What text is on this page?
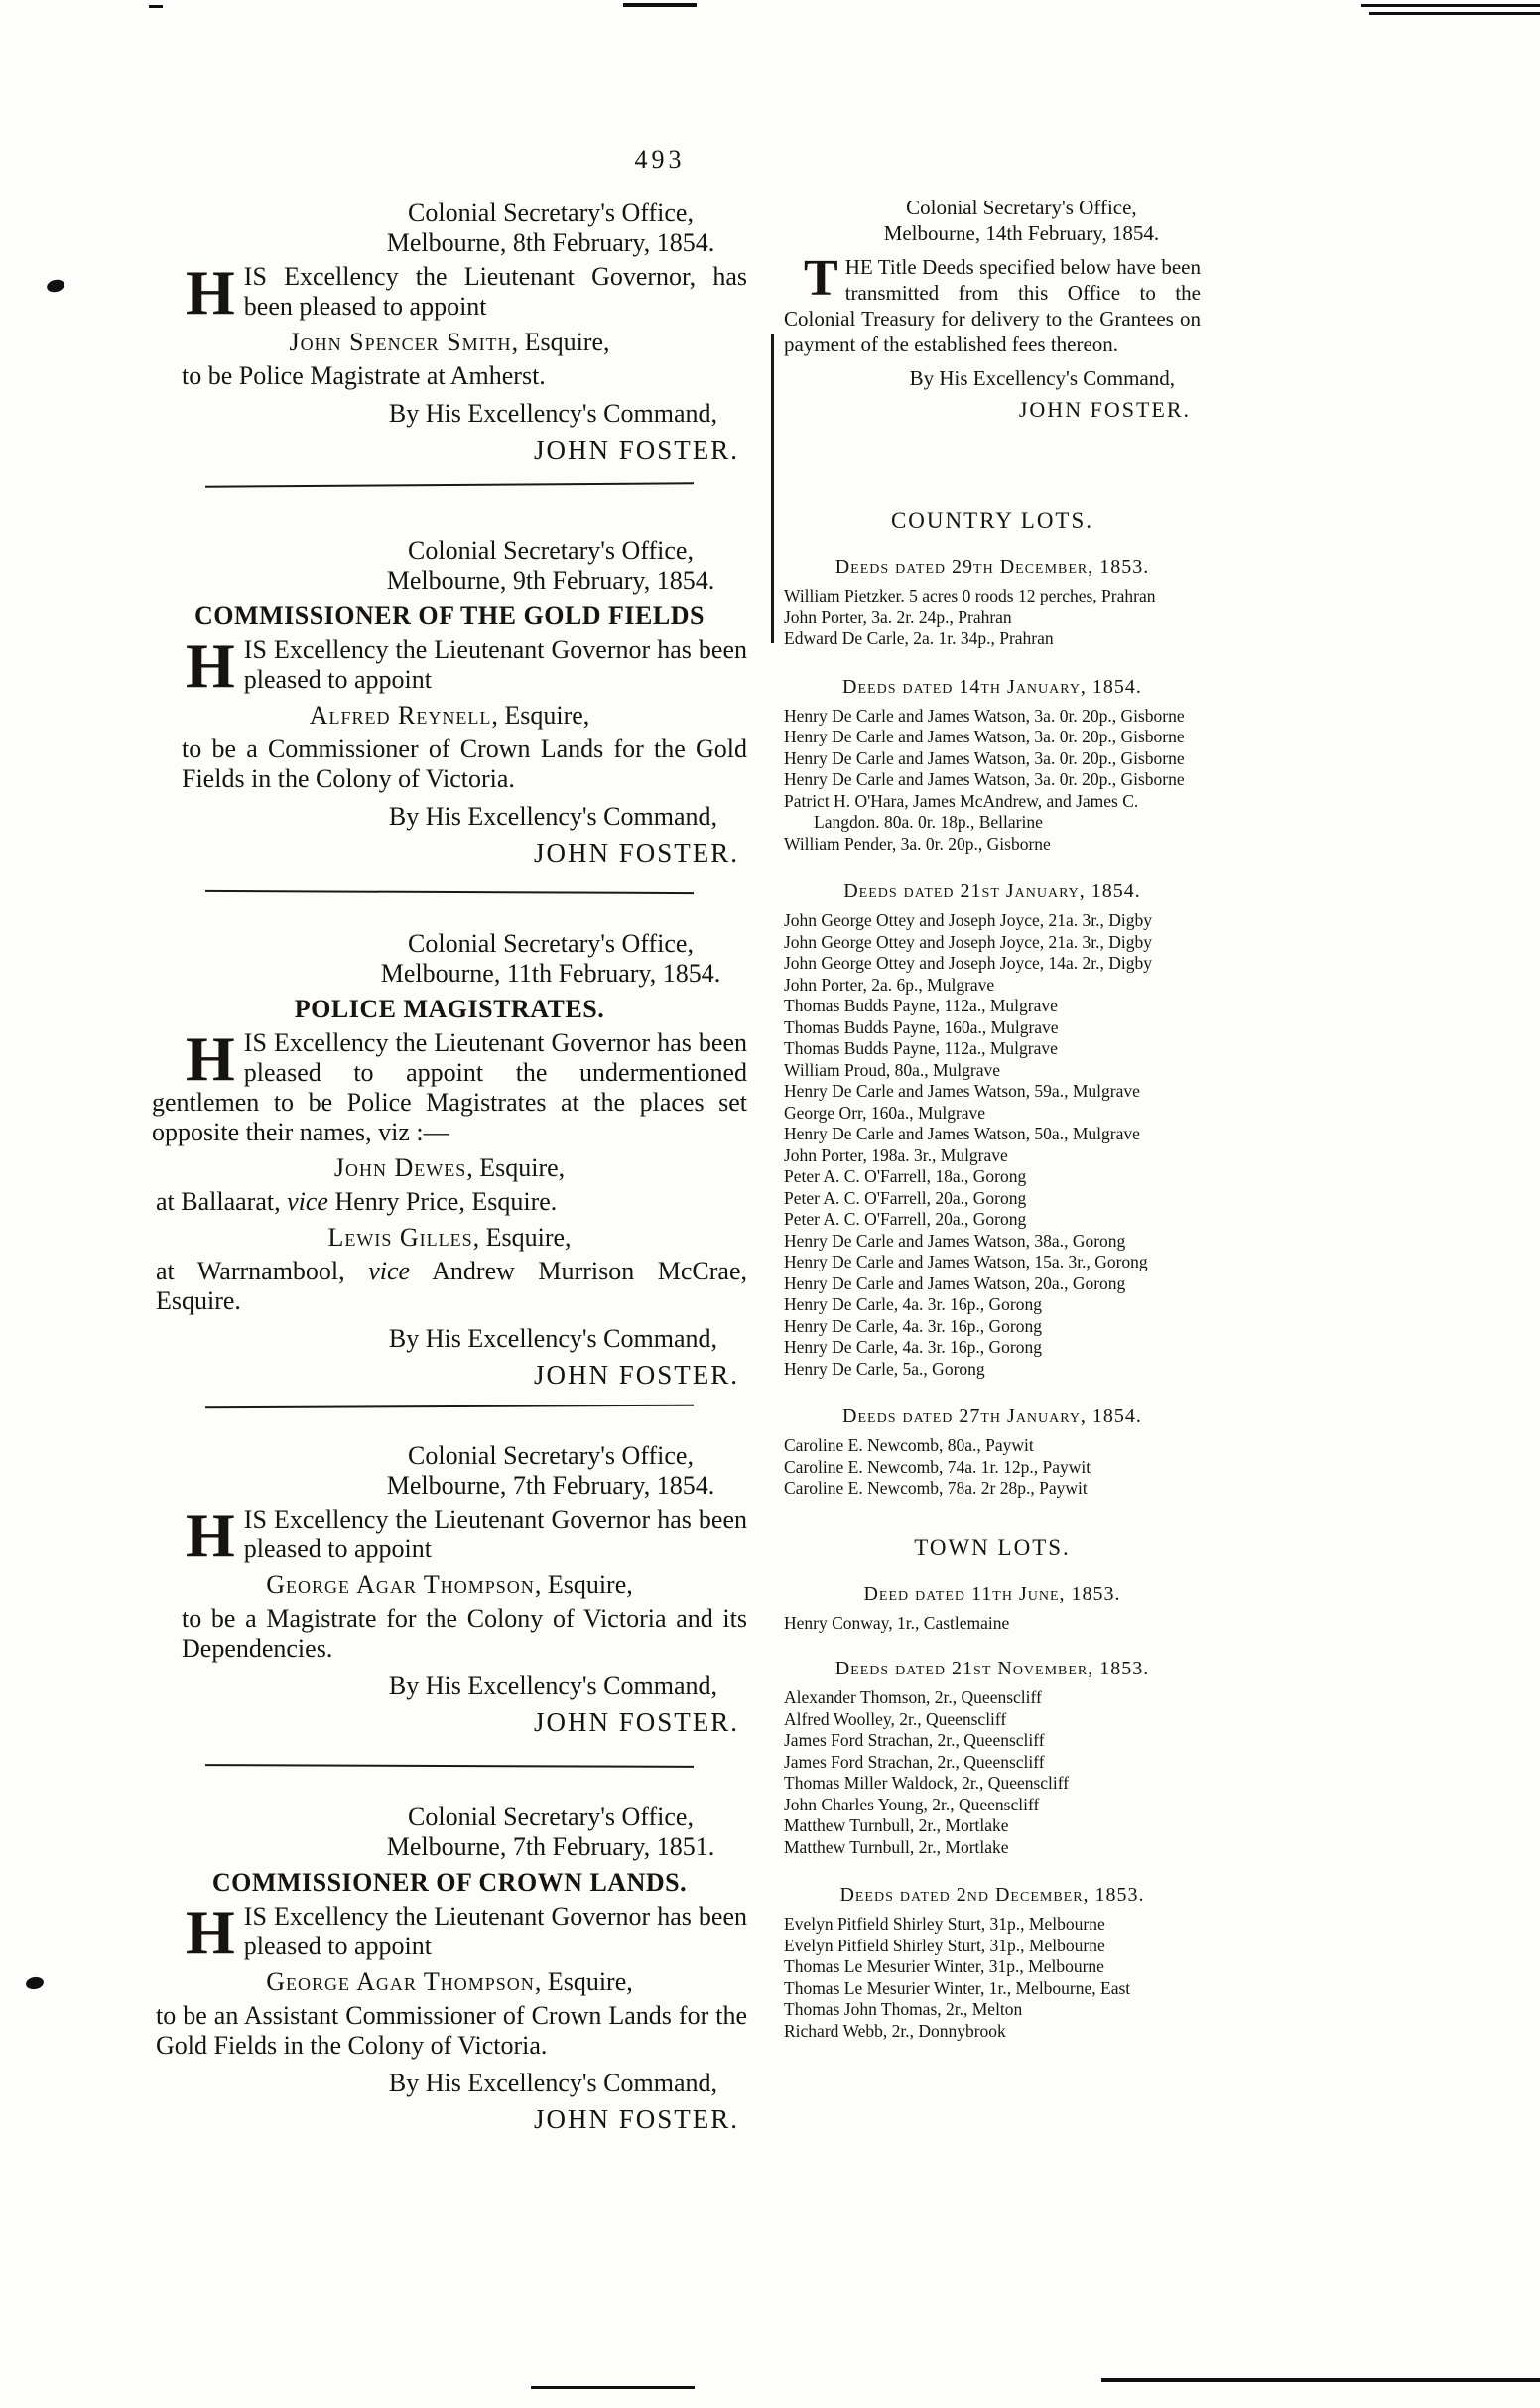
493
Colonial Secretary's Office,
Melbourne, 8th February, 1854.

HIS Excellency the Lieutenant Governor, has been pleased to appoint

John Spencer Smith, Esquire,

to be Police Magistrate at Amherst.

By His Excellency's Command,
JOHN FOSTER.
Colonial Secretary's Office,
Melbourne, 9th February, 1854.
COMMISSIONER OF THE GOLD FIELDS

HIS Excellency the Lieutenant Governor has been pleased to appoint

Alfred Reynell, Esquire,

to be a Commissioner of Crown Lands for the Gold Fields in the Colony of Victoria.

By His Excellency's Command,
JOHN FOSTER.
Colonial Secretary's Office,
Melbourne, 11th February, 1854.
POLICE MAGISTRATES.

HIS Excellency the Lieutenant Governor has been pleased to appoint the undermentioned gentlemen to be Police Magistrates at the places set opposite their names, viz :—

John Dewes, Esquire,

at Ballaarat, vice Henry Price, Esquire.

Lewis Gilles, Esquire,

at Warrnambool, vice Andrew Murrison McCrae, Esquire.

By His Excellency's Command,
JOHN FOSTER.
Colonial Secretary's Office,
Melbourne, 7th February, 1854.

HIS Excellency the Lieutenant Governor has been pleased to appoint

George Agar Thompson, Esquire,

to be a Magistrate for the Colony of Victoria and its Dependencies.

By His Excellency's Command,
JOHN FOSTER.
Colonial Secretary's Office,
Melbourne, 7th February, 1851.
COMMISSIONER OF CROWN LANDS.

HIS Excellency the Lieutenant Governor has been pleased to appoint

George Agar Thompson, Esquire,

to be an Assistant Commissioner of Crown Lands for the Gold Fields in the Colony of Victoria.

By His Excellency's Command,
JOHN FOSTER.
Colonial Secretary's Office,
Melbourne, 14th February, 1854.

THE Title Deeds specified below have been transmitted from this Office to the Colonial Treasury for delivery to the Grantees on payment of the established fees thereon.

By His Excellency's Command,
JOHN FOSTER.
COUNTRY LOTS.
Deeds dated 29th December, 1853.
William Pietzker. 5 acres 0 roods 12 perches, Prahran
John Porter, 3a. 2r. 24p., Prahran
Edward De Carle, 2a. 1r. 34p., Prahran
Deeds dated 14th January, 1854.
Henry De Carle and James Watson, 3a. 0r. 20p., Gisborne
Henry De Carle and James Watson, 3a. 0r. 20p., Gisborne
Henry De Carle and James Watson, 3a. 0r. 20p., Gisborne
Henry De Carle and James Watson, 3a. 0r. 20p., Gisborne
Patrict H. O'Hara, James McAndrew, and James C. Langdon. 80a. 0r. 18p., Bellarine
William Pender, 3a. 0r. 20p., Gisborne
Deeds dated 21st January, 1854.
John George Ottey and Joseph Joyce, 21a. 3r., Digby
John George Ottey and Joseph Joyce, 21a. 3r., Digby
John George Ottey and Joseph Joyce, 14a. 2r., Digby
John Porter, 2a. 6p., Mulgrave
Thomas Budds Payne, 112a., Mulgrave
Thomas Budds Payne, 160a., Mulgrave
Thomas Budds Payne, 112a., Mulgrave
William Proud, 80a., Mulgrave
Henry De Carle and James Watson, 59a., Mulgrave
George Orr, 160a., Mulgrave
Henry De Carle and James Watson, 50a., Mulgrave
John Porter, 198a. 3r., Mulgrave
Peter A. C. O'Farrell, 18a., Gorong
Peter A. C. O'Farrell, 20a., Gorong
Peter A. C. O'Farrell, 20a., Gorong
Henry De Carle and James Watson, 38a., Gorong
Henry De Carle and James Watson, 15a. 3r., Gorong
Henry De Carle and James Watson, 20a., Gorong
Henry De Carle, 4a. 3r. 16p., Gorong
Henry De Carle, 4a. 3r. 16p., Gorong
Henry De Carle, 4a. 3r. 16p., Gorong
Henry De Carle, 5a., Gorong
Deeds dated 27th January, 1854.
Caroline E. Newcomb, 80a., Paywit
Caroline E. Newcomb, 74a. 1r. 12p., Paywit
Caroline E. Newcomb, 78a. 2r 28p., Paywit
TOWN LOTS.
Deed dated 11th June, 1853.
Henry Conway, 1r., Castlemaine
Deeds dated 21st November, 1853.
Alexander Thomson, 2r., Queenscliff
Alfred Woolley, 2r., Queenscliff
James Ford Strachan, 2r., Queenscliff
James Ford Strachan, 2r., Queenscliff
Thomas Miller Waldock, 2r., Queenscliff
John Charles Young, 2r., Queenscliff
Matthew Turnbull, 2r., Mortlake
Matthew Turnbull, 2r., Mortlake
Deeds dated 2nd December, 1853.
Evelyn Pitfield Shirley Sturt, 31p., Melbourne
Evelyn Pitfield Shirley Sturt, 31p., Melbourne
Thomas Le Mesurier Winter, 31p., Melbourne
Thomas Le Mesurier Winter, 1r., Melbourne, East
Thomas John Thomas, 2r., Melton
Richard Webb, 2r., Donnybrook
